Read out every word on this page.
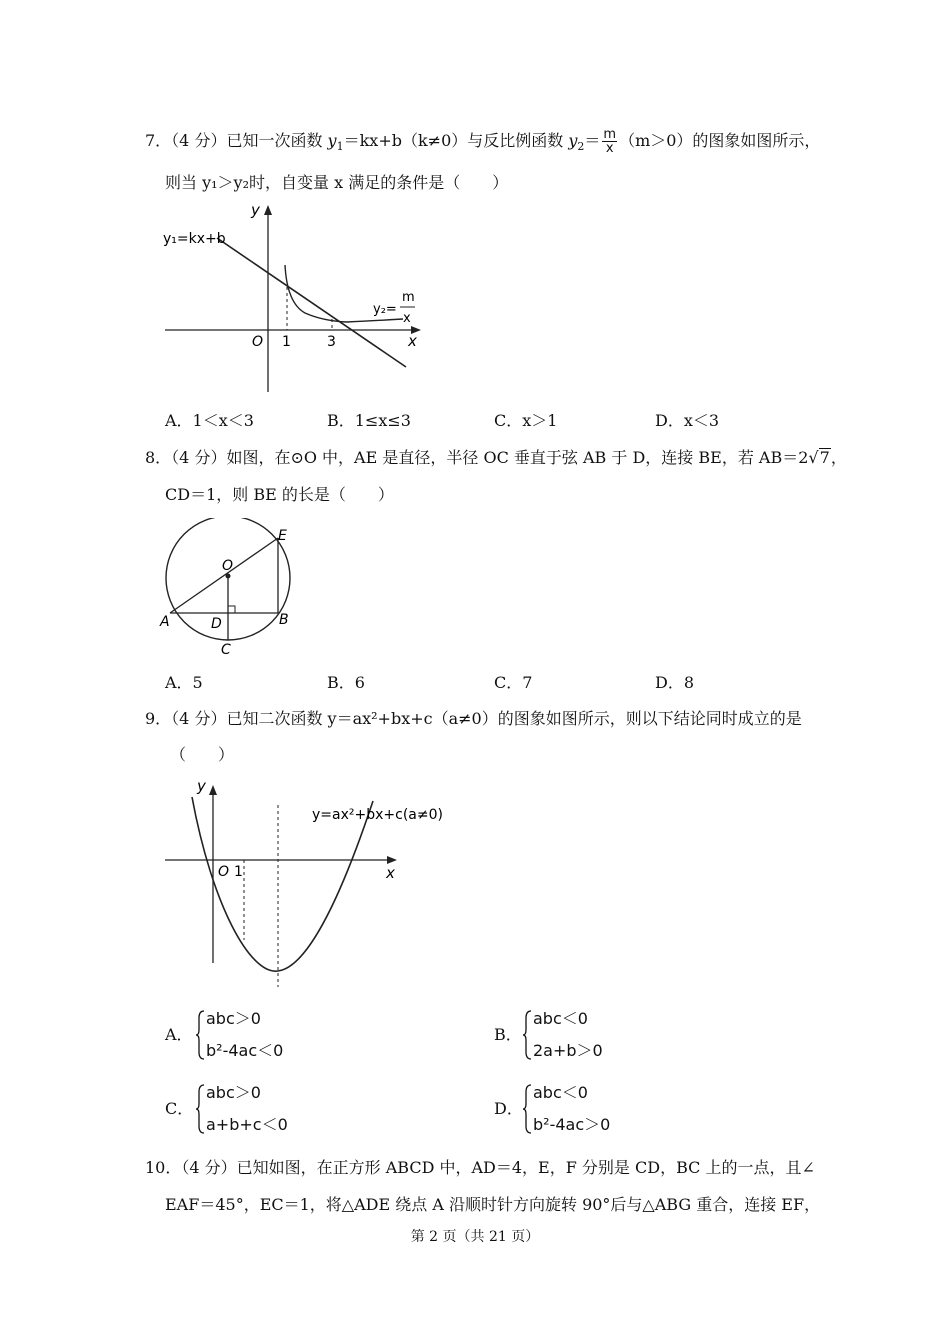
7．（4 分）已知一次函数 $y_1=kx+b(k\ne 0)$与反比例函数 $y_2= \frac{m}{x} (m>0)$的图象如图所示，
则当 y₁＞y₂时，自变量 x 满足的条件是（　　）
y₁=kx+b
y₂=
m
x
y
x
O 1	3
A．1＜x＜3	B．1≤x≤3	C．x＞1	D．x＜3
8．（4 分）如图，在⊙O 中，AE 是直径，半径 OC 垂直于弦 AB 于 D，连接 BE，若 AB＝2√7，
CD＝1，则 BE 的长是（　　）
A	B
C
D
E
O
A．5	B．6	C．7	D．8
9．（4 分）已知二次函数 y＝ax²+bx+c（a≠0）的图象如图所示，则以下结论同时成立的是
（　　）
y=ax²+bx+c(a≠0)
y
x
O 1
A．
abc＞0
b²-4ac＜0
B．
abc＜0
2a+b＞0
C．
abc＞0
a+b+c＜0
D．
abc＜0
b²-4ac＞0
10．（4 分）已知如图，在正方形 ABCD 中，AD＝4，E，F 分别是 CD，BC 上的一点，且∠
EAF＝45°，EC＝1，将△ADE 绕点 A 沿顺时针方向旋转 90°后与△ABG 重合，连接 EF，
第 2 页（共 21 页）
